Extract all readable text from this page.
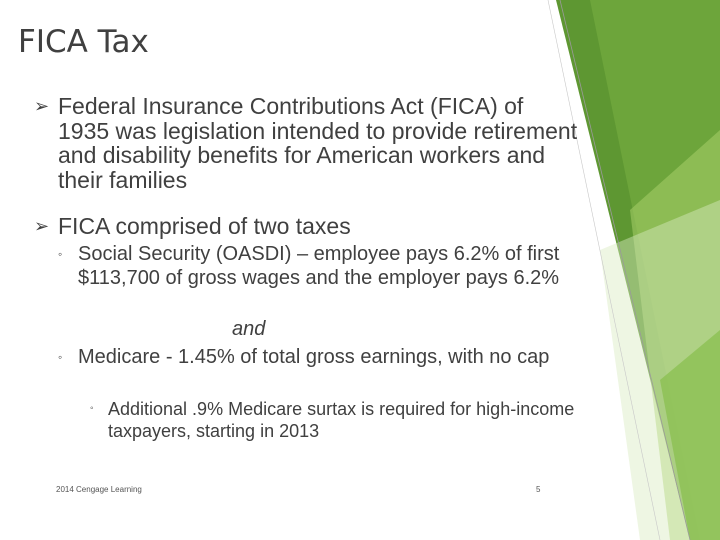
FICA Tax
➢ Federal Insurance Contributions Act (FICA) of 1935 was legislation intended to provide retirement and disability benefits for American workers and their families
➢ FICA comprised of two taxes
◦ Social Security (OASDI) – employee pays 6.2% of first $113,700 of gross wages and the employer pays 6.2%
and
◦ Medicare - 1.45% of total gross earnings, with no cap
◦ Additional .9% Medicare surtax is required for high-income taxpayers, starting in 2013
2014 Cengage Learning	5
